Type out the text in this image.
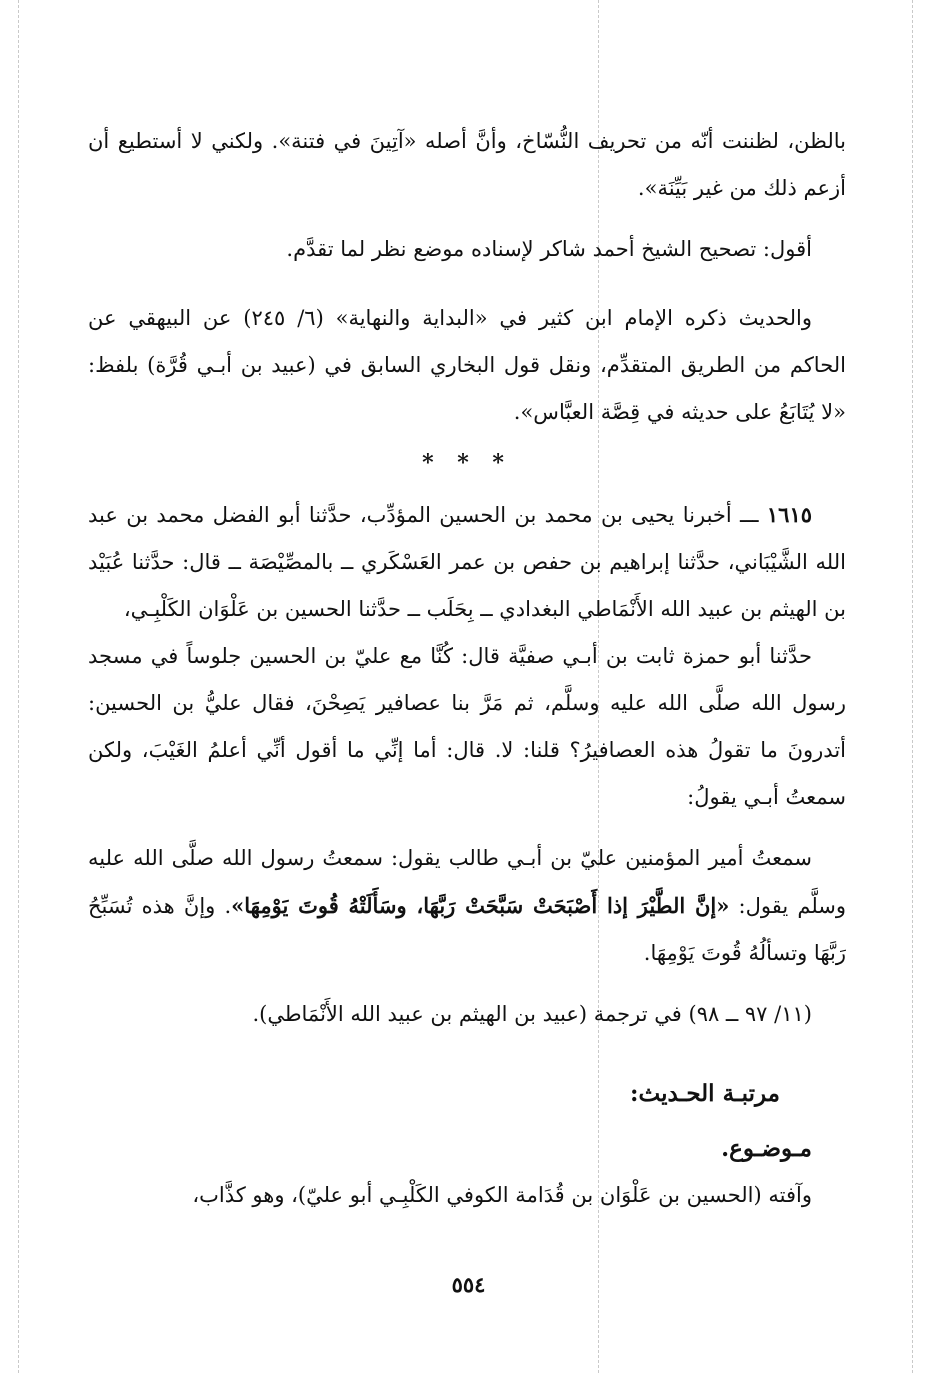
بالظن، لظننت أنّه من تحريف النُّسّاخ، وأنَّ أصله «آتِينَ في فتنة». ولكني لا أستطيع أن أزعم ذلك من غير بَيِّنَة».

أقول: تصحيح الشيخ أحمد شاكر لإسناده موضع نظر لما تقدَّم.

والحديث ذكره الإمام ابن كثير في «البداية والنهاية» (٦/ ٢٤٥) عن البيهقي عن الحاكم من الطريق المتقدِّم، ونقل قول البخاري السابق في (عبيد بن أبـي قُرَّة) بلفظ: «لا يُتَابَعُ على حديثه في قِصَّة العبَّاس».

* * *

١٦١٥ ـــ أخبرنا يحيى بن محمد بن الحسين المؤدِّب، حدَّثنا أبو الفضل محمد بن عبد الله الشَّيْبَاني، حدَّثنا إبراهيم بن حفص بن عمر العَسْكَري ــ بالمصِّيْصَة ــ قال: حدَّثنا عُبَيْد بن الهيثم بن عبيد الله الأَنْمَاطي البغدادي ــ بِحَلَب ــ حدَّثنا الحسين بن عَلْوَان الكَلْبِـي،

حدَّثنا أبو حمزة ثابت بن أبـي صفيَّة قال: كُنَّا مع عليّ بن الحسين جلوساً في مسجد رسول الله صلَّى الله عليه وسلَّم، ثم مَرَّ بنا عصافير يَصِحْنَ، فقال عليُّ بن الحسين: أتدرونَ ما تقولُ هذه العصافيرُ؟ قلنا: لا. قال: أما إنِّي ما أقول أنِّي أعلمُ الغَيْبَ، ولكن سمعتُ أبـي يقولُ:

سمعتُ أمير المؤمنين عليّ بن أبـي طالب يقول: سمعتُ رسول الله صلَّى الله عليه وسلَّم يقول: «إنَّ الطَّيْرَ إذا أَصْبَحَتْ سَبَّحَتْ رَبَّهَا، وسَأَلَتْهُ قُوتَ يَوْمِهَا». وإنَّ هذه تُسَبِّحُ رَبَّهَا وتسألُهُ قُوتَ يَوْمِهَا.

(١١/ ٩٧ ــ ٩٨) في ترجمة (عبيد بن الهيثم بن عبيد الله الأَنْمَاطي).

مرتبـة الحـديث:

مـوضـوع.

وآفته (الحسين بن عَلْوَان بن قُدَامة الكوفي الكَلْبِـي أبو عليّ)، وهو كذَّاب،

٥٥٤
